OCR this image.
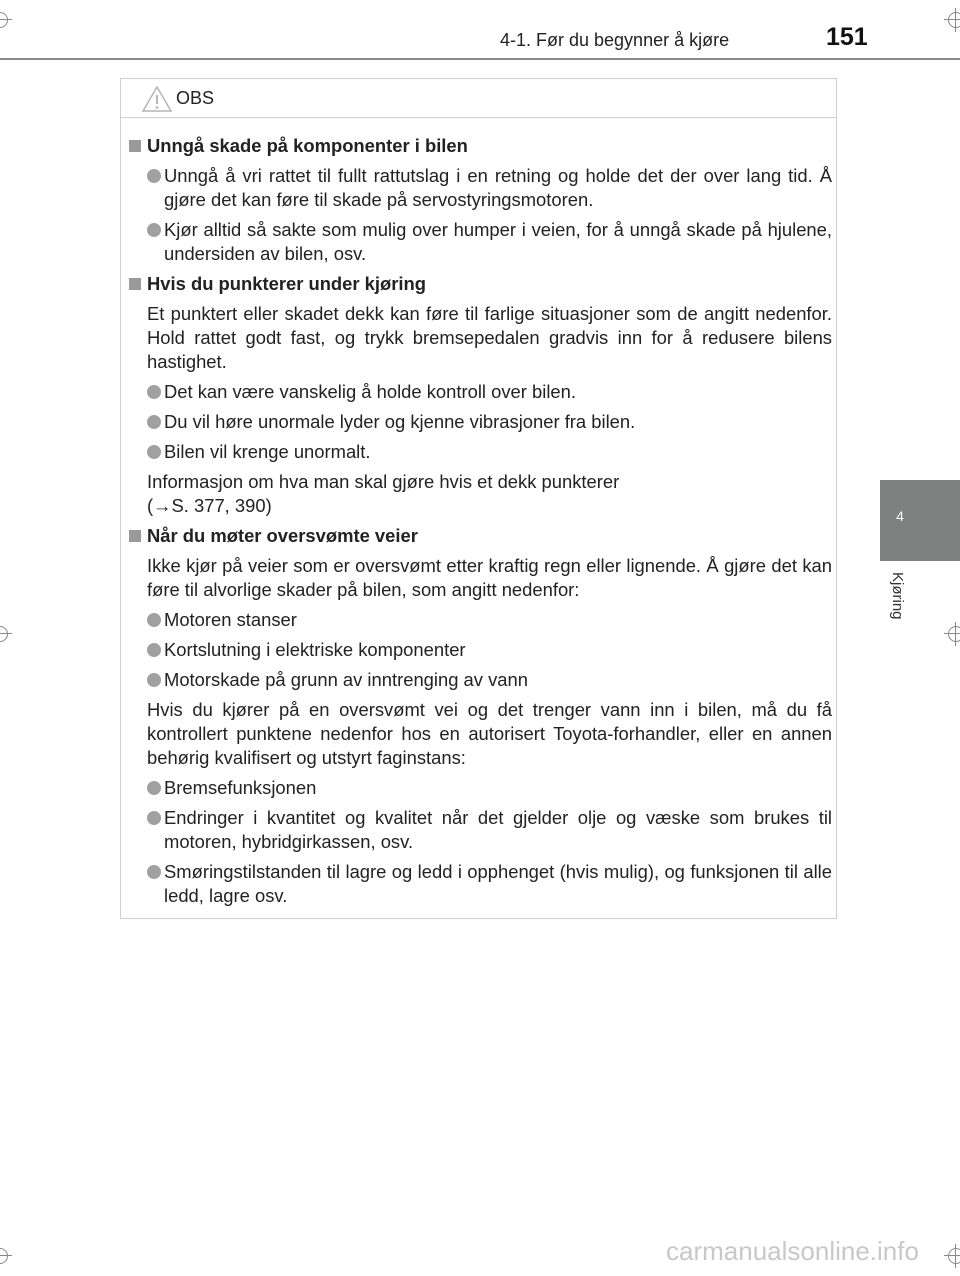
4-1. Før du begynner å kjøre	151
4
Kjøring
OBS
Unngå skade på komponenter i bilen
Unngå å vri rattet til fullt rattutslag i en retning og holde det der over lang tid. Å gjøre det kan føre til skade på servostyringsmotoren.
Kjør alltid så sakte som mulig over humper i veien, for å unngå skade på hjulene, undersiden av bilen, osv.
Hvis du punkterer under kjøring
Et punktert eller skadet dekk kan føre til farlige situasjoner som de angitt nedenfor. Hold rattet godt fast, og trykk bremsepedalen gradvis inn for å redusere bilens hastighet.
Det kan være vanskelig å holde kontroll over bilen.
Du vil høre unormale lyder og kjenne vibrasjoner fra bilen.
Bilen vil krenge unormalt.
Informasjon om hva man skal gjøre hvis et dekk punkterer
(→S. 377, 390)
Når du møter oversvømte veier
Ikke kjør på veier som er oversvømt etter kraftig regn eller lignende. Å gjøre det kan føre til alvorlige skader på bilen, som angitt nedenfor:
Motoren stanser
Kortslutning i elektriske komponenter
Motorskade på grunn av inntrenging av vann
Hvis du kjører på en oversvømt vei og det trenger vann inn i bilen, må du få kontrollert punktene nedenfor hos en autorisert Toyota-forhandler, eller en annen behørig kvalifisert og utstyrt faginstans:
Bremsefunksjonen
Endringer i kvantitet og kvalitet når det gjelder olje og væske som brukes til motoren, hybridgirkassen, osv.
Smøringstilstanden til lagre og ledd i opphenget (hvis mulig), og funksjonen til alle ledd, lagre osv.
carmanualsonline.info
